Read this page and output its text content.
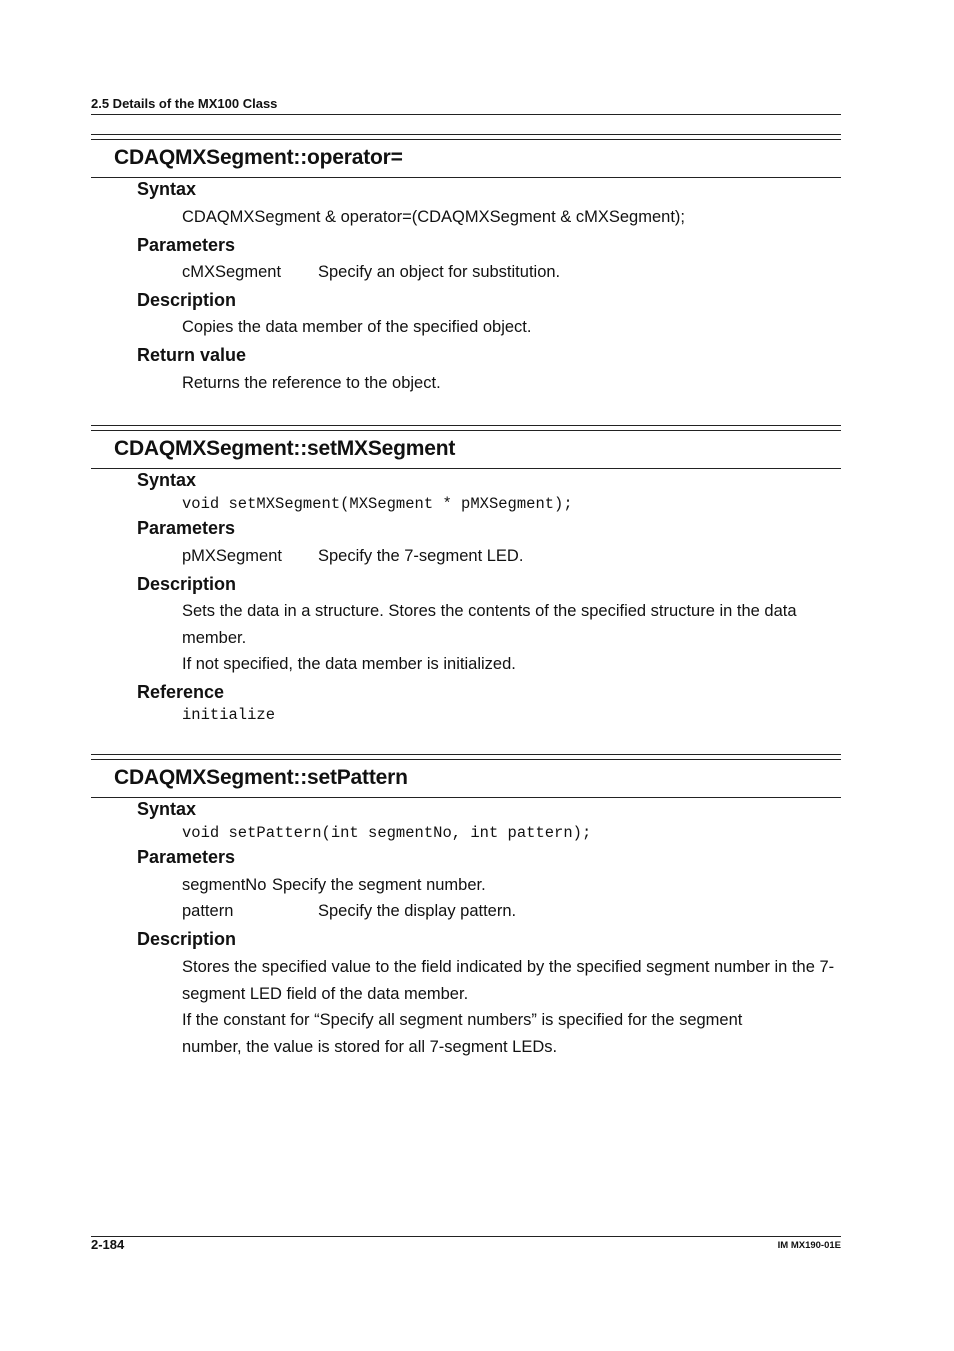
2.5 Details of the MX100 Class
CDAQMXSegment::operator=
Syntax
CDAQMXSegment & operator=(CDAQMXSegment & cMXSegment);
Parameters
cMXSegment Specify an object for substitution.
Description
Copies the data member of the specified object.
Return value
Returns the reference to the object.
CDAQMXSegment::setMXSegment
Syntax
void setMXSegment(MXSegment * pMXSegment);
Parameters
pMXSegment Specify the 7-segment LED.
Description
Sets the data in a structure. Stores the contents of the specified structure in the data member.
If not specified, the data member is initialized.
Reference
initialize
CDAQMXSegment::setPattern
Syntax
void setPattern(int segmentNo, int pattern);
Parameters
segmentNo Specify the segment number.
pattern	Specify the display pattern.
Description
Stores the specified value to the field indicated by the specified segment number in the 7-segment LED field of the data member.
If the constant for “Specify all segment numbers” is specified for the segment number, the value is stored for all 7-segment LEDs.
2-184	IM MX190-01E
